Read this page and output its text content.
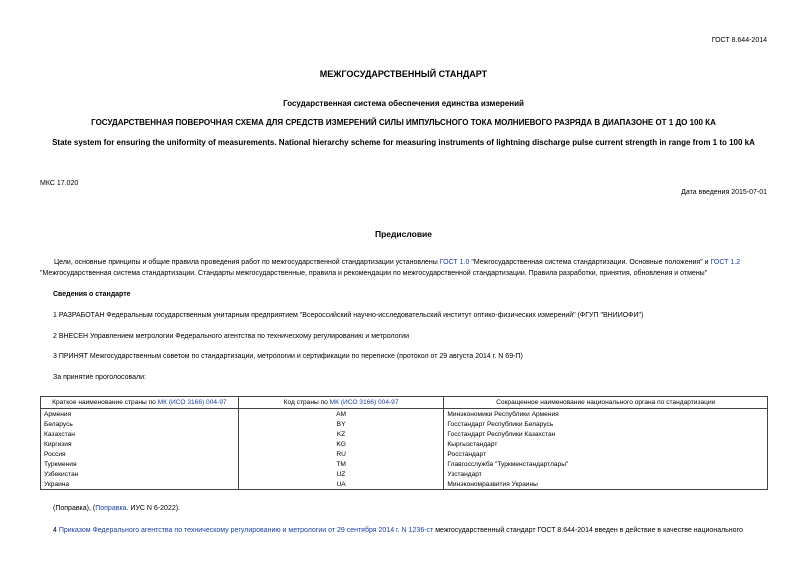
ГОСТ 8.644-2014
МЕЖГОСУДАРСТВЕННЫЙ СТАНДАРТ
Государственная система обеспечения единства измерений
ГОСУДАРСТВЕННАЯ ПОВЕРОЧНАЯ СХЕМА ДЛЯ СРЕДСТВ ИЗМЕРЕНИЙ СИЛЫ ИМПУЛЬСНОГО ТОКА МОЛНИЕВОГО РАЗРЯДА В ДИАПАЗОНЕ ОТ 1 ДО 100 КА
State system for ensuring the uniformity of measurements. National hierarchy scheme for measuring instruments of lightning discharge pulse current strength in range from 1 to 100 kA
МКС 17.020
Дата введения 2015-07-01
Предисловие
Цели, основные принципы и общие правила проведения работ по межгосударственной стандартизации установлены ГОСТ 1.0 "Межгосударственная система стандартизации. Основные положения" и ГОСТ 1.2 "Межгосударственная система стандартизации. Стандарты межгосударственные, правила и рекомендации по межгосударственной стандартизации. Правила разработки, принятия, обновления и отмены"
Сведения о стандарте
1 РАЗРАБОТАН Федеральным государственным унитарным предприятием "Всероссийский научно-исследовательский институт оптико-физических измерений" (ФГУП "ВНИИОФИ")
2 ВНЕСЕН Управлением метрологии Федерального агентства по техническому регулированию и метрологии
3 ПРИНЯТ Межгосударственным советом по стандартизации, метрологии и сертификации по переписке (протокол от 29 августа 2014 г. N 69-П)
За принятие проголосовали:
Краткое наименование страны по МК (ИСО 3166) 004-97	Код страны по МК (ИСО 3166) 004-97	Сокращенное наименование национального органа по стандартизации
Армения	AM	Минэкономики Республики Армения
Беларусь	BY	Госстандарт Республики Беларусь
Казахстан	KZ	Госстандарт Республики Казахстан
Киргизия	KG	Кыргызстандарт
Россия	RU	Росстандарт
Туркмения	TM	Главгосслужба "Туркменстандартлары"
Узбекистан	UZ	Узстандарт
Украина	UA	Минэкономразвития Украины
(Поправка), (Поправка. ИУС N 6-2022).
4 Приказом Федерального агентства по техническому регулированию и метрологии от 29 сентября 2014 г. N 1236-ст межгосударственный стандарт ГОСТ 8.644-2014 введен в действие в качестве национального
